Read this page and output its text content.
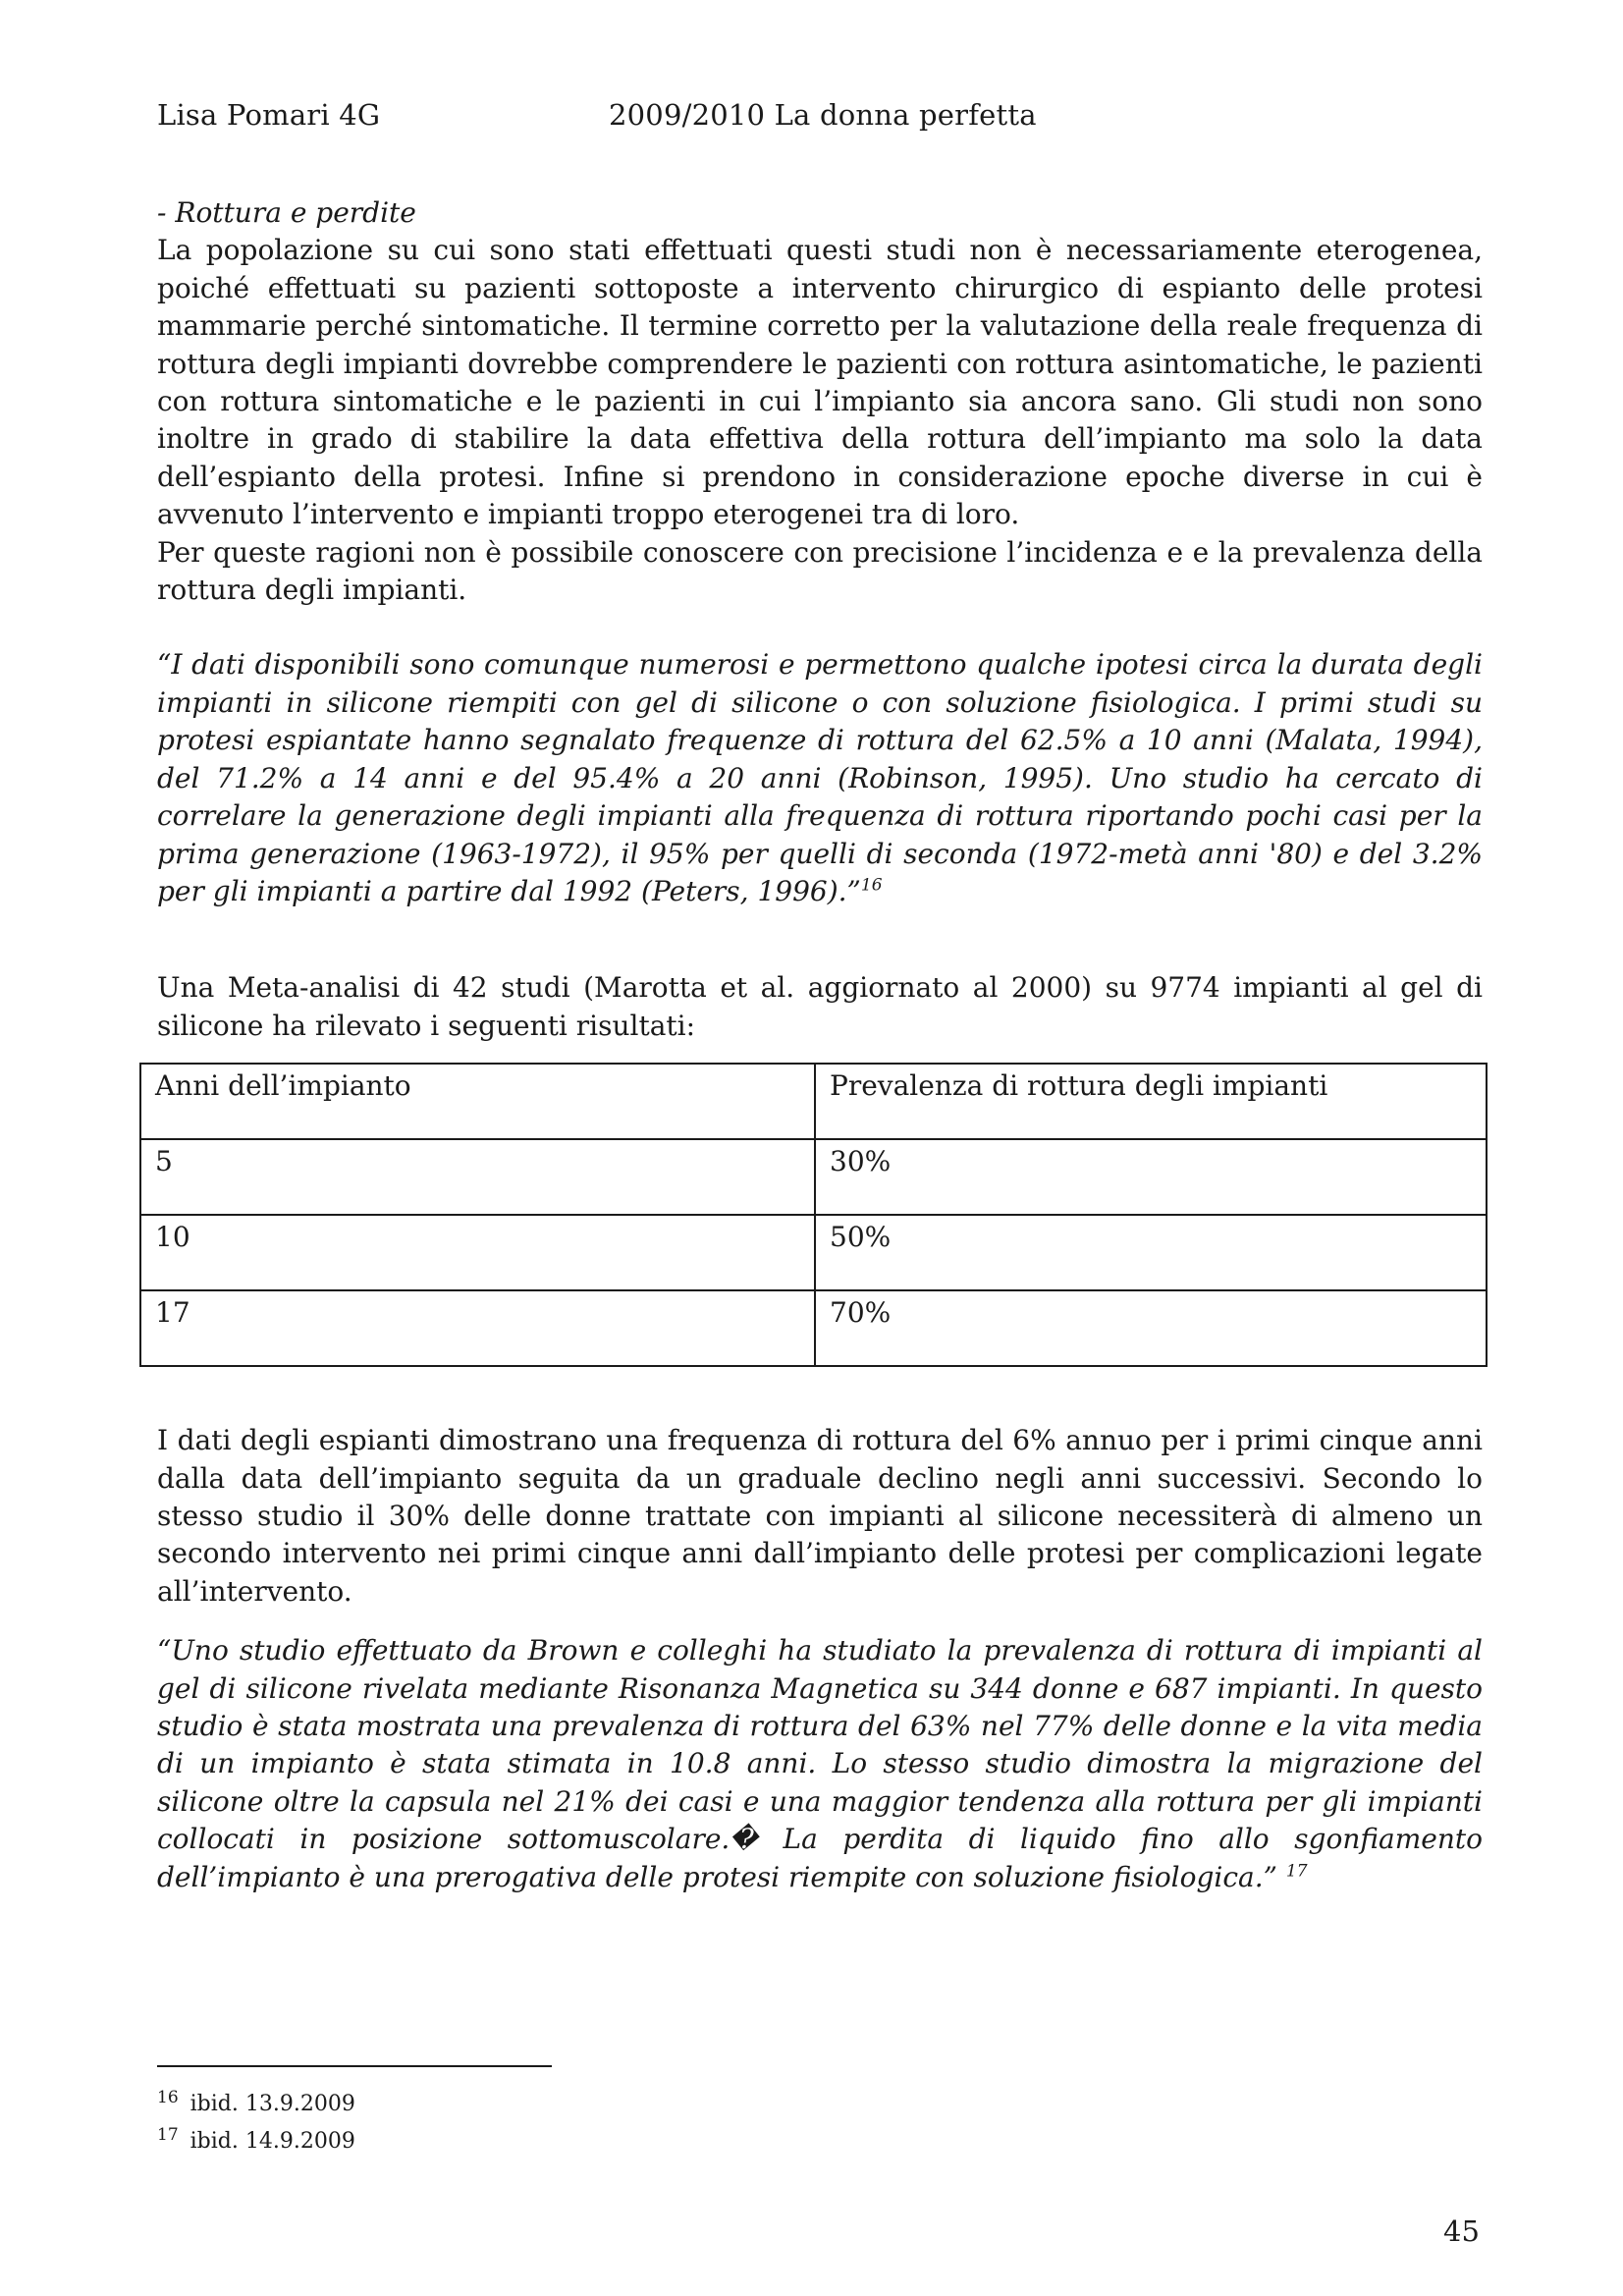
Lisa Pomari 4G	2009/2010 La donna perfetta

- Rottura e perdite

La popolazione su cui sono stati effettuati questi studi non è necessariamente eterogenea, poiché effettuati su pazienti sottoposte a intervento chirurgico di espianto delle protesi mammarie perché sintomatiche. Il termine corretto per la valutazione della reale frequenza di rottura degli impianti dovrebbe comprendere le pazienti con rottura asintomatiche, le pazienti con rottura sintomatiche e le pazienti in cui l’impianto sia ancora sano. Gli studi non sono inoltre in grado di stabilire la data effettiva della rottura dell’impianto ma solo la data dell’espianto della protesi. Infine si prendono in considerazione epoche diverse in cui è avvenuto l’intervento e impianti troppo eterogenei tra di loro.

Per queste ragioni non è possibile conoscere con precisione l’incidenza e e la prevalenza della rottura degli impianti.

“I dati disponibili sono comunque numerosi e permettono qualche ipotesi circa la durata degli impianti in silicone riempiti con gel di silicone o con soluzione fisiologica. I primi studi su protesi espiantate hanno segnalato frequenze di rottura del 62.5% a 10 anni (Malata, 1994), del 71.2% a 14 anni e del 95.4% a 20 anni (Robinson, 1995). Uno studio ha cercato di correlare la generazione degli impianti alla frequenza di rottura riportando pochi casi per la prima generazione (1963-1972), il 95% per quelli di seconda (1972-metà anni '80) e del 3.2% per gli impianti a partire dal 1992 (Peters, 1996).”$^{16}$

Una Meta-analisi di 42 studi (Marotta et al. aggiornato al 2000) su 9774 impianti al gel di silicone ha rilevato i seguenti risultati:

Anni dell’impianto	Prevalenza di rottura degli impianti
5	30%
10	50%
17	70%

I dati degli espianti dimostrano una frequenza di rottura del 6% annuo per i primi cinque anni dalla data dell’impianto seguita da un graduale declino negli anni successivi. Secondo lo stesso studio il 30% delle donne trattate con impianti al silicone necessiterà di almeno un secondo intervento nei primi cinque anni dall’impianto delle protesi per complicazioni legate all’intervento.

“Uno studio effettuato da Brown e colleghi ha studiato la prevalenza di rottura di impianti al gel di silicone rivelata mediante Risonanza Magnetica su 344 donne e 687 impianti. In questo studio è stata mostrata una prevalenza di rottura del 63% nel 77% delle donne e la vita media di un impianto è stata stimata in 10.8 anni. Lo stesso studio dimostra la migrazione del silicone oltre la capsula nel 21% dei casi e una maggior tendenza alla rottura per gli impianti collocati in posizione sottomuscolare.� La perdita di liquido fino allo sgonfiamento dell’impianto è una prerogativa delle protesi riempite con soluzione fisiologica.” $^{17}$

$^{16}$ ibid. 13.9.2009
$^{17}$ ibid. 14.9.2009
45
